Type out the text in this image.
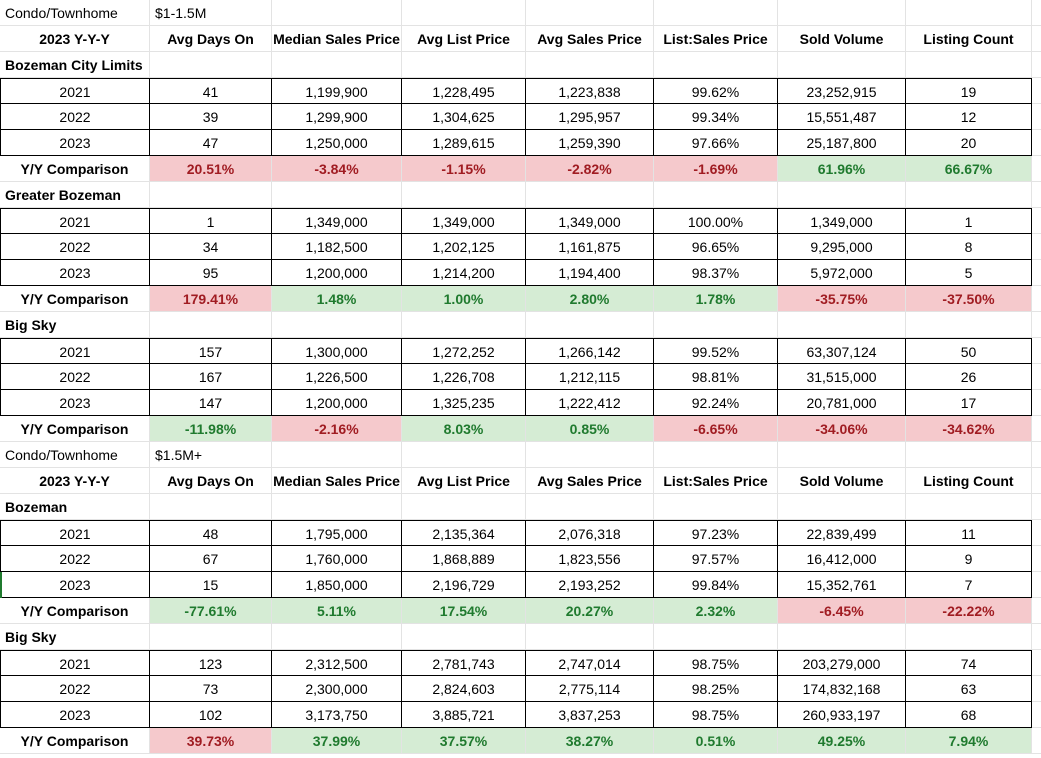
Condo/Townhome	$1-1.5M
2023 Y-Y-Y	Avg Days On	Median Sales Price	Avg List Price	Avg Sales Price	List:Sales Price	Sold Volume	Listing Count
Bozeman City Limits
2021	41	1,199,900	1,228,495	1,223,838	99.62%	23,252,915	19
2022	39	1,299,900	1,304,625	1,295,957	99.34%	15,551,487	12
2023	47	1,250,000	1,289,615	1,259,390	97.66%	25,187,800	20
Y/Y Comparison	20.51%	-3.84%	-1.15%	-2.82%	-1.69%	61.96%	66.67%
Greater Bozeman
2021	1	1,349,000	1,349,000	1,349,000	100.00%	1,349,000	1
2022	34	1,182,500	1,202,125	1,161,875	96.65%	9,295,000	8
2023	95	1,200,000	1,214,200	1,194,400	98.37%	5,972,000	5
Y/Y Comparison	179.41%	1.48%	1.00%	2.80%	1.78%	-35.75%	-37.50%
Big Sky
2021	157	1,300,000	1,272,252	1,266,142	99.52%	63,307,124	50
2022	167	1,226,500	1,226,708	1,212,115	98.81%	31,515,000	26
2023	147	1,200,000	1,325,235	1,222,412	92.24%	20,781,000	17
Y/Y Comparison	-11.98%	-2.16%	8.03%	0.85%	-6.65%	-34.06%	-34.62%
Condo/Townhome	$1.5M+
2023 Y-Y-Y	Avg Days On	Median Sales Price	Avg List Price	Avg Sales Price	List:Sales Price	Sold Volume	Listing Count
Bozeman
2021	48	1,795,000	2,135,364	2,076,318	97.23%	22,839,499	11
2022	67	1,760,000	1,868,889	1,823,556	97.57%	16,412,000	9
2023	15	1,850,000	2,196,729	2,193,252	99.84%	15,352,761	7
Y/Y Comparison	-77.61%	5.11%	17.54%	20.27%	2.32%	-6.45%	-22.22%
Big Sky
2021	123	2,312,500	2,781,743	2,747,014	98.75%	203,279,000	74
2022	73	2,300,000	2,824,603	2,775,114	98.25%	174,832,168	63
2023	102	3,173,750	3,885,721	3,837,253	98.75%	260,933,197	68
Y/Y Comparison	39.73%	37.99%	37.57%	38.27%	0.51%	49.25%	7.94%
